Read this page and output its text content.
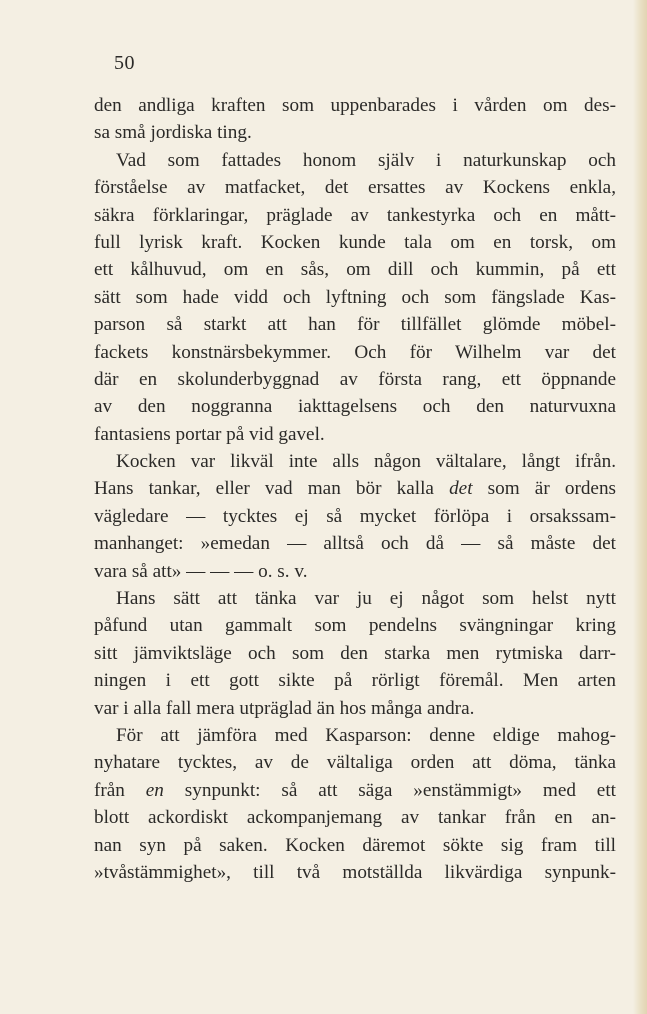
50
den andliga kraften som uppenbarades i vården om des-
sa små jordiska ting.
Vad som fattades honom själv i naturkunskap och
förståelse av matfacket, det ersattes av Kockens enkla,
säkra förklaringar, präglade av tankestyrka och en mått-
full lyrisk kraft. Kocken kunde tala om en torsk, om
ett kålhuvud, om en sås, om dill och kummin, på ett
sätt som hade vidd och lyftning och som fängslade Kas-
parson så starkt att han för tillfället glömde möbel-
fackets konstnärsbekymmer. Och för Wilhelm var det
där en skolunderbyggnad av första rang, ett öppnande
av den noggranna iakttagelsens och den naturvuxna
fantasiens portar på vid gavel.
Kocken var likväl inte alls någon vältalare, långt ifrån.
Hans tankar, eller vad man bör kalla det som är ordens
vägledare — tycktes ej så mycket förlöpa i orsakssam-
manhanget: »emedan — alltså och då — så måste det
vara så att» — — — o. s. v.
Hans sätt att tänka var ju ej något som helst nytt
påfund utan gammalt som pendelns svängningar kring
sitt jämviktsläge och som den starka men rytmiska darr-
ningen i ett gott sikte på rörligt föremål. Men arten
var i alla fall mera utpräglad än hos många andra.
För att jämföra med Kasparson: denne eldige mahog-
nyhatare tycktes, av de vältaliga orden att döma, tänka
från en synpunkt: så att säga »enstämmigt» med ett
blott ackordiskt ackompanjemang av tankar från en an-
nan syn på saken. Kocken däremot sökte sig fram till
»tvåstämmighet», till två motställda likvärdiga synpunk-
